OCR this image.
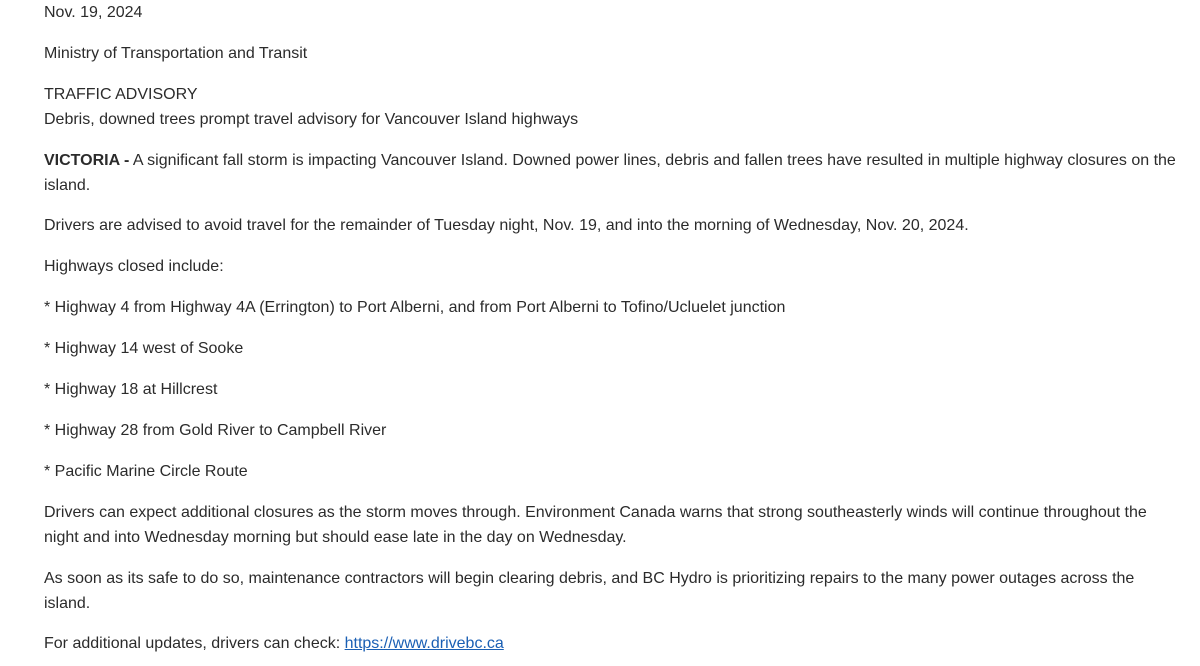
Nov. 19, 2024
Ministry of Transportation and Transit
TRAFFIC ADVISORY
Debris, downed trees prompt travel advisory for Vancouver Island highways

VICTORIA - A significant fall storm is impacting Vancouver Island. Downed power lines, debris and fallen trees have resulted in multiple highway closures on the island.

Drivers are advised to avoid travel for the remainder of Tuesday night, Nov. 19, and into the morning of Wednesday, Nov. 20, 2024.
Highways closed include:
* Highway 4 from Highway 4A (Errington) to Port Alberni, and from Port Alberni to Tofino/Ucluelet junction
* Highway 14 west of Sooke
* Highway 18 at Hillcrest
* Highway 28 from Gold River to Campbell River
* Pacific Marine Circle Route

Drivers can expect additional closures as the storm moves through. Environment Canada warns that strong southeasterly winds will continue throughout the night and into Wednesday morning but should ease late in the day on Wednesday.

As soon as its safe to do so, maintenance contractors will begin clearing debris, and BC Hydro is prioritizing repairs to the many power outages across the island.

For additional updates, drivers can check: https://www.drivebc.ca
